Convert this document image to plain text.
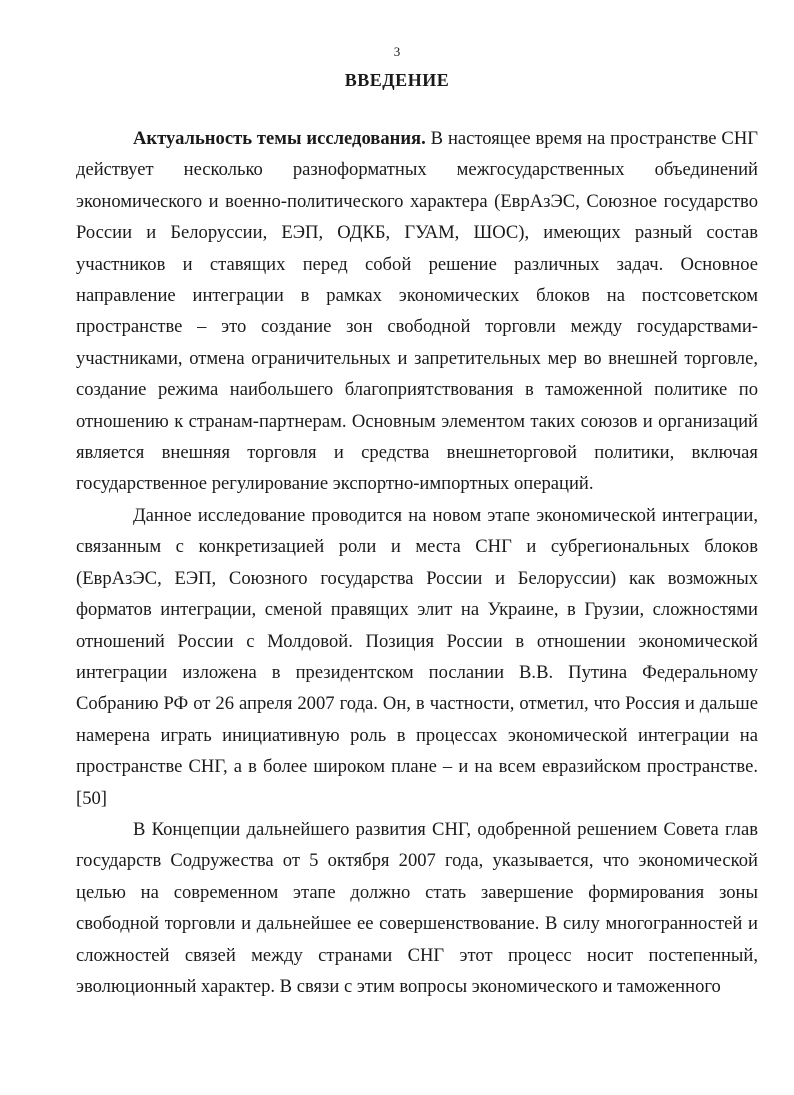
3
ВВЕДЕНИЕ

Актуальность темы исследования. В настоящее время на пространстве СНГ действует несколько разноформатных межгосударственных объединений экономического и военно-политического характера (ЕврАзЭС, Союзное государство России и Белоруссии, ЕЭП, ОДКБ, ГУАМ, ШОС), имеющих разный состав участников и ставящих перед собой решение различных задач. Основное направление интеграции в рамках экономических блоков на постсоветском пространстве – это создание зон свободной торговли между государствами-участниками, отмена ограничительных и запретительных мер во внешней торговле, создание режима наибольшего благоприятствования в таможенной политике по отношению к странам-партнерам. Основным элементом таких союзов и организаций является внешняя торговля и средства внешнеторговой политики, включая государственное регулирование экспортно-импортных операций.

Данное исследование проводится на новом этапе экономической интеграции, связанным с конкретизацией роли и места СНГ и субрегиональных блоков (ЕврАзЭС, ЕЭП, Союзного государства России и Белоруссии) как возможных форматов интеграции, сменой правящих элит на Украине, в Грузии, сложностями отношений России с Молдовой. Позиция России в отношении экономической интеграции изложена в президентском послании В.В. Путина Федеральному Собранию РФ от 26 апреля 2007 года. Он, в частности, отметил, что Россия и дальше намерена играть инициативную роль в процессах экономической интеграции на пространстве СНГ, а в более широком плане – и на всем евразийском пространстве.[50]

В Концепции дальнейшего развития СНГ, одобренной решением Совета глав государств Содружества от 5 октября 2007 года, указывается, что экономической целью на современном этапе должно стать завершение формирования зоны свободной торговли и дальнейшее ее совершенствование. В силу многогранностей и сложностей связей между странами СНГ этот процесс носит постепенный, эволюционный характер. В связи с этим вопросы экономического и таможенного
